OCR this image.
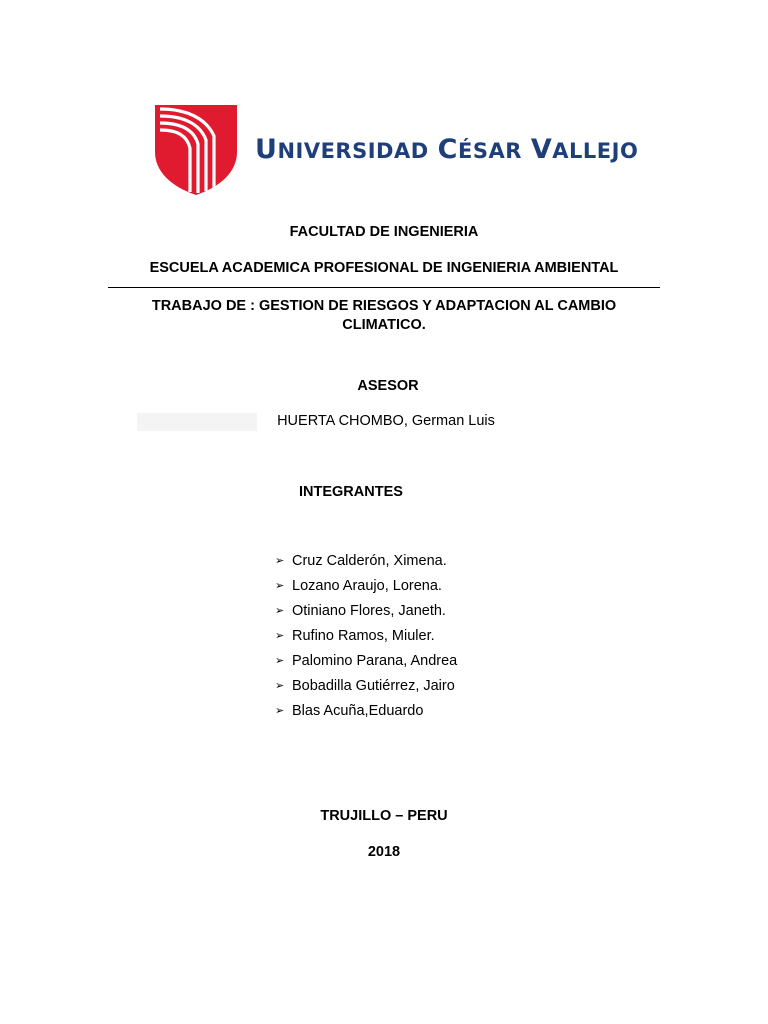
UNIVERSIDAD CÉSAR VALLEJO
FACULTAD DE INGENIERIA
ESCUELA ACADEMICA PROFESIONAL DE INGENIERIA AMBIENTAL
TRABAJO DE : GESTION DE RIESGOS Y ADAPTACION AL CAMBIO
CLIMATICO.
ASESOR
HUERTA CHOMBO, German Luis
INTEGRANTES
➢ Cruz Calderón, Ximena.
➢ Lozano Araujo, Lorena.
➢ Otiniano Flores, Janeth.
➢ Rufino Ramos, Miuler.
➢ Palomino Parana, Andrea
➢ Bobadilla Gutiérrez, Jairo
➢ Blas Acuña,Eduardo
TRUJILLO – PERU
2018
